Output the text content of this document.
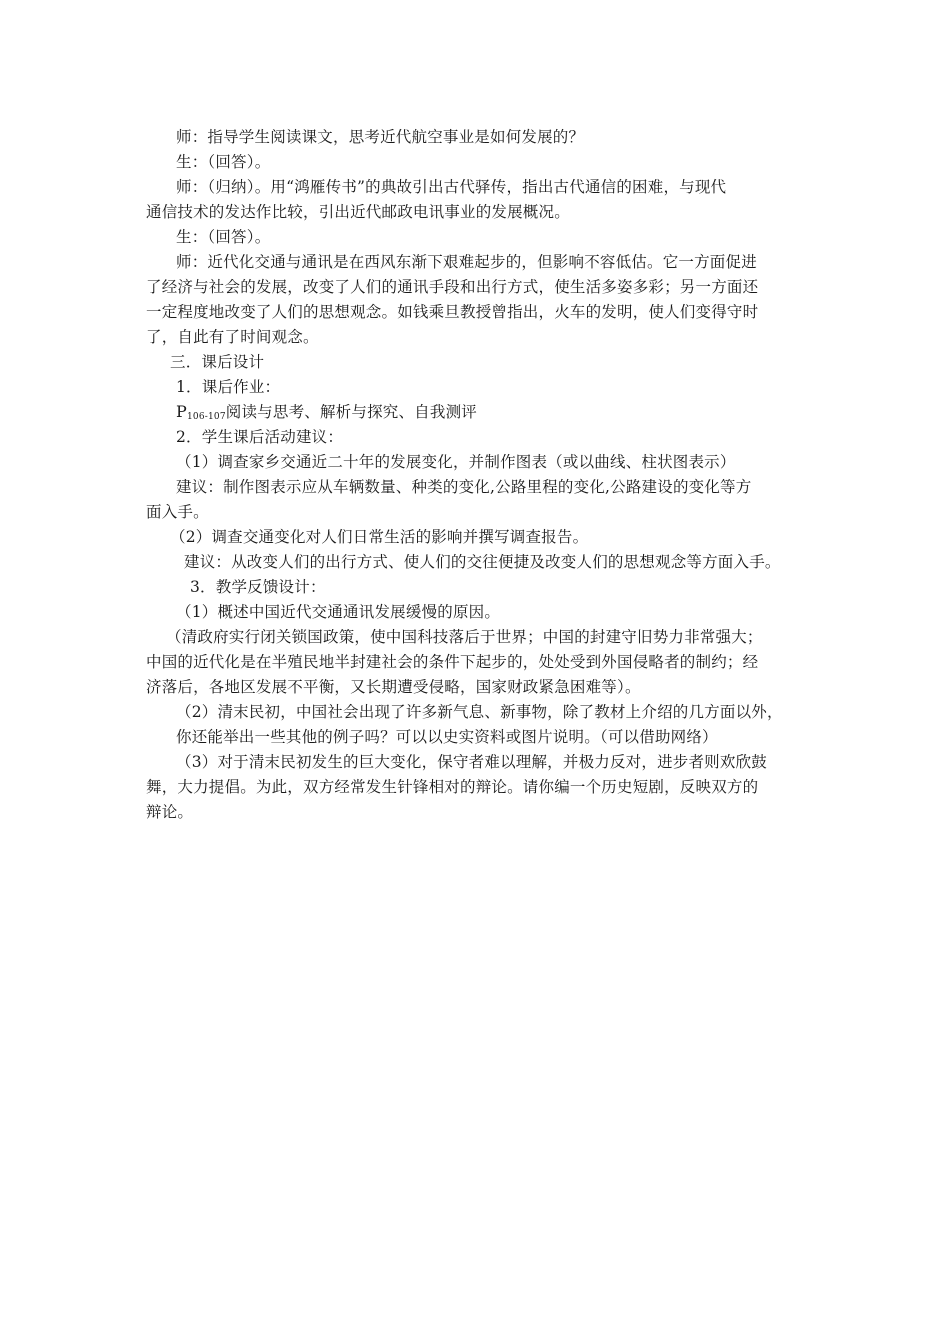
师：指导学生阅读课文，思考近代航空事业是如何发展的？
生：（回答）。
师：（归纳）。用“鸿雁传书”的典故引出古代驿传，指出古代通信的困难，与现代
通信技术的发达作比较，引出近代邮政电讯事业的发展概况。
生：（回答）。
师：近代化交通与通讯是在西风东渐下艰难起步的，但影响不容低估。它一方面促进
了经济与社会的发展，改变了人们的通讯手段和出行方式，使生活多姿多彩；另一方面还
一定程度地改变了人们的思想观念。如钱乘旦教授曾指出，火车的发明，使人们变得守时
了，自此有了时间观念。
三．课后设计
1．课后作业：
P106-107阅读与思考、解析与探究、自我测评
2．学生课后活动建议：
（1）调查家乡交通近二十年的发展变化，并制作图表（或以曲线、柱状图表示）
建议：制作图表示应从车辆数量、种类的变化,公路里程的变化,公路建设的变化等方
面入手。
（2）调查交通变化对人们日常生活的影响并撰写调查报告。
建议：从改变人们的出行方式、使人们的交往便捷及改变人们的思想观念等方面入手。
3．教学反馈设计：
（1）概述中国近代交通通讯发展缓慢的原因。
（清政府实行闭关锁国政策，使中国科技落后于世界；中国的封建守旧势力非常强大；
中国的近代化是在半殖民地半封建社会的条件下起步的，处处受到外国侵略者的制约；经
济落后，各地区发展不平衡，又长期遭受侵略，国家财政紧急困难等）。
（2）清末民初，中国社会出现了许多新气息、新事物，除了教材上介绍的几方面以外，
你还能举出一些其他的例子吗？可以以史实资料或图片说明。（可以借助网络）
（3）对于清末民初发生的巨大变化，保守者难以理解，并极力反对，进步者则欢欣鼓
舞，大力提倡。为此，双方经常发生针锋相对的辩论。请你编一个历史短剧，反映双方的
辩论。
